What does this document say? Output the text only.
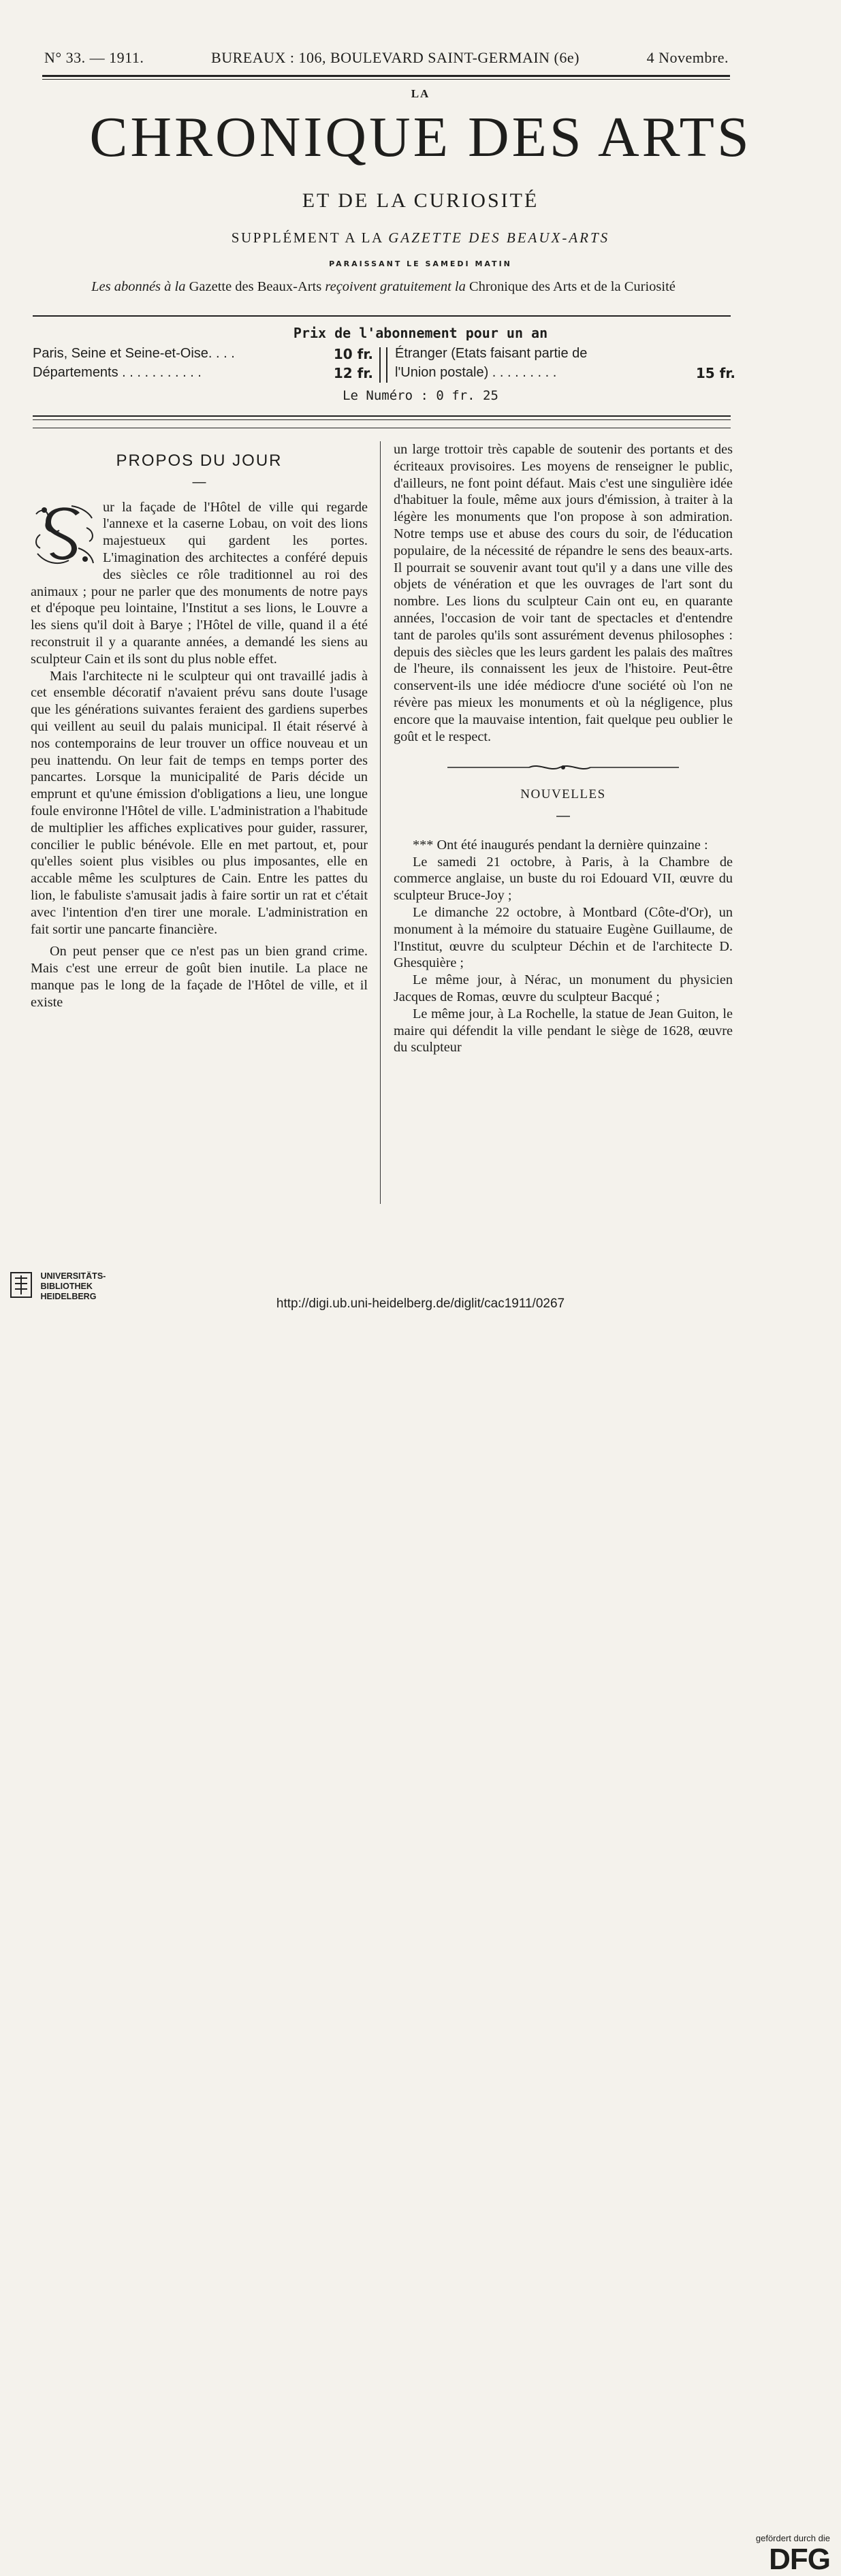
N° 33. — 1911.	BUREAUX : 106, BOULEVARD SAINT-GERMAIN (6e)	4 Novembre.
LA
CHRONIQUE DES ARTS
ET DE LA CURIOSITÉ
SUPPLÉMENT A LA GAZETTE DES BEAUX-ARTS
PARAISSANT LE SAMEDI MATIN
Les abonnés à la Gazette des Beaux-Arts reçoivent gratuitement la Chronique des Arts et de la Curiosité
Prix de l'abonnement pour un an
Paris, Seine et Seine-et-Oise. . . .	10 fr.
Départements . . . . . . . . . . .	12 fr.
Étranger (Etats faisant partie de
l'Union postale) . . . . . . . . .	15 fr.
Le Numéro : 0 fr. 25
PROPOS DU JOUR
—

ur la façade de l'Hôtel de ville qui regarde l'annexe et la caserne Lobau, on voit des lions majestueux qui gardent les portes. L'imagination des architectes a conféré depuis des siècles ce rôle traditionnel au roi des animaux ; pour ne parler que des monuments de notre pays et d'époque peu lointaine, l'Institut a ses lions, le Louvre a les siens qu'il doit à Barye ; l'Hôtel de ville, quand il a été reconstruit il y a quarante années, a demandé les siens au sculpteur Cain et ils sont du plus noble effet.

Mais l'architecte ni le sculpteur qui ont travaillé jadis à cet ensemble décoratif n'avaient prévu sans doute l'usage que les générations suivantes feraient des gardiens superbes qui veillent au seuil du palais municipal. Il était réservé à nos contemporains de leur trouver un office nouveau et un peu inattendu. On leur fait de temps en temps porter des pancartes. Lorsque la municipalité de Paris décide un emprunt et qu'une émission d'obligations a lieu, une longue foule environne l'Hôtel de ville. L'administration a l'habitude de multiplier les affiches explicatives pour guider, rassurer, concilier le public bénévole. Elle en met partout, et, pour qu'elles soient plus visibles ou plus imposantes, elle en accable même les sculptures de Cain. Entre les pattes du lion, le fabuliste s'amusait jadis à faire sortir un rat et c'était avec l'intention d'en tirer une morale. L'administration en fait sortir une pancarte financière.

On peut penser que ce n'est pas un bien grand crime. Mais c'est une erreur de goût bien inutile. La place ne manque pas le long de la façade de l'Hôtel de ville, et il existe

un large trottoir très capable de soutenir des portants et des écriteaux provisoires. Les moyens de renseigner le public, d'ailleurs, ne font point défaut. Mais c'est une singulière idée d'habituer la foule, même aux jours d'émission, à traiter à la légère les monuments que l'on propose à son admiration. Notre temps use et abuse des cours du soir, de l'éducation populaire, de la nécessité de répandre le sens des beaux-arts. Il pourrait se souvenir avant tout qu'il y a dans une ville des objets de vénération et que les ouvrages de l'art sont du nombre. Les lions du sculpteur Cain ont eu, en quarante années, l'occasion de voir tant de spectacles et d'entendre tant de paroles qu'ils sont assurément devenus philosophes : depuis des siècles que les leurs gardent les palais des maîtres de l'heure, ils connaissent les jeux de l'histoire. Peut-être conservent-ils une idée médiocre d'une société où l'on ne révère pas mieux les monuments et où la négligence, plus encore que la mauvaise intention, fait quelque peu oublier le goût et le respect.

NOUVELLES
—

*** Ont été inaugurés pendant la dernière quinzaine :

Le samedi 21 octobre, à Paris, à la Chambre de commerce anglaise, un buste du roi Edouard VII, œuvre du sculpteur Bruce-Joy ;

Le dimanche 22 octobre, à Montbard (Côte-d'Or), un monument à la mémoire du statuaire Eugène Guillaume, de l'Institut, œuvre du sculpteur Déchin et de l'architecte D. Ghesquière ;

Le même jour, à Nérac, un monument du physicien Jacques de Romas, œuvre du sculpteur Bacqué ;

Le même jour, à La Rochelle, la statue de Jean Guiton, le maire qui défendit la ville pendant le siège de 1628, œuvre du sculpteur

UNIVERSITÄTS-
BIBLIOTHEK
HEIDELBERG
gefördert durch die
DFG
http://digi.ub.uni-heidelberg.de/diglit/cac1911/0267
